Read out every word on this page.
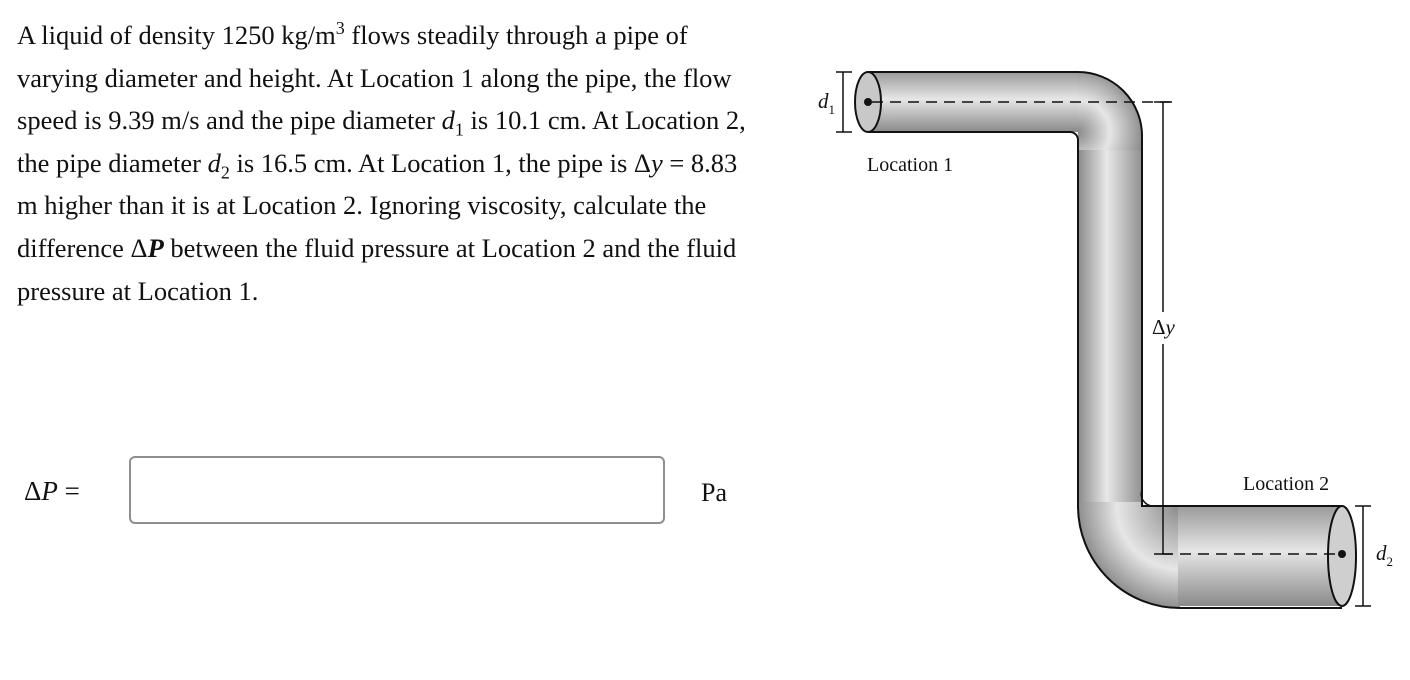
A liquid of density 1250 $kg/m^3$ flows steadily through a pipe of varying diameter and height. At Location 1 along the pipe, the flow speed is 9.39 m/s and the pipe diameter $d_1$ is 10.1 cm. At Location 2, the pipe diameter $d_2$ is 16.5 cm. At Location 1, the pipe is Δy = 8.83 m higher than it is at Location 2. Ignoring viscosity, calculate the difference ΔP between the fluid pressure at Location 2 and the fluid pressure at Location 1.

ΔP =	Pa
Δy
$d_1$
$d_2$
Location 1
Location 2
